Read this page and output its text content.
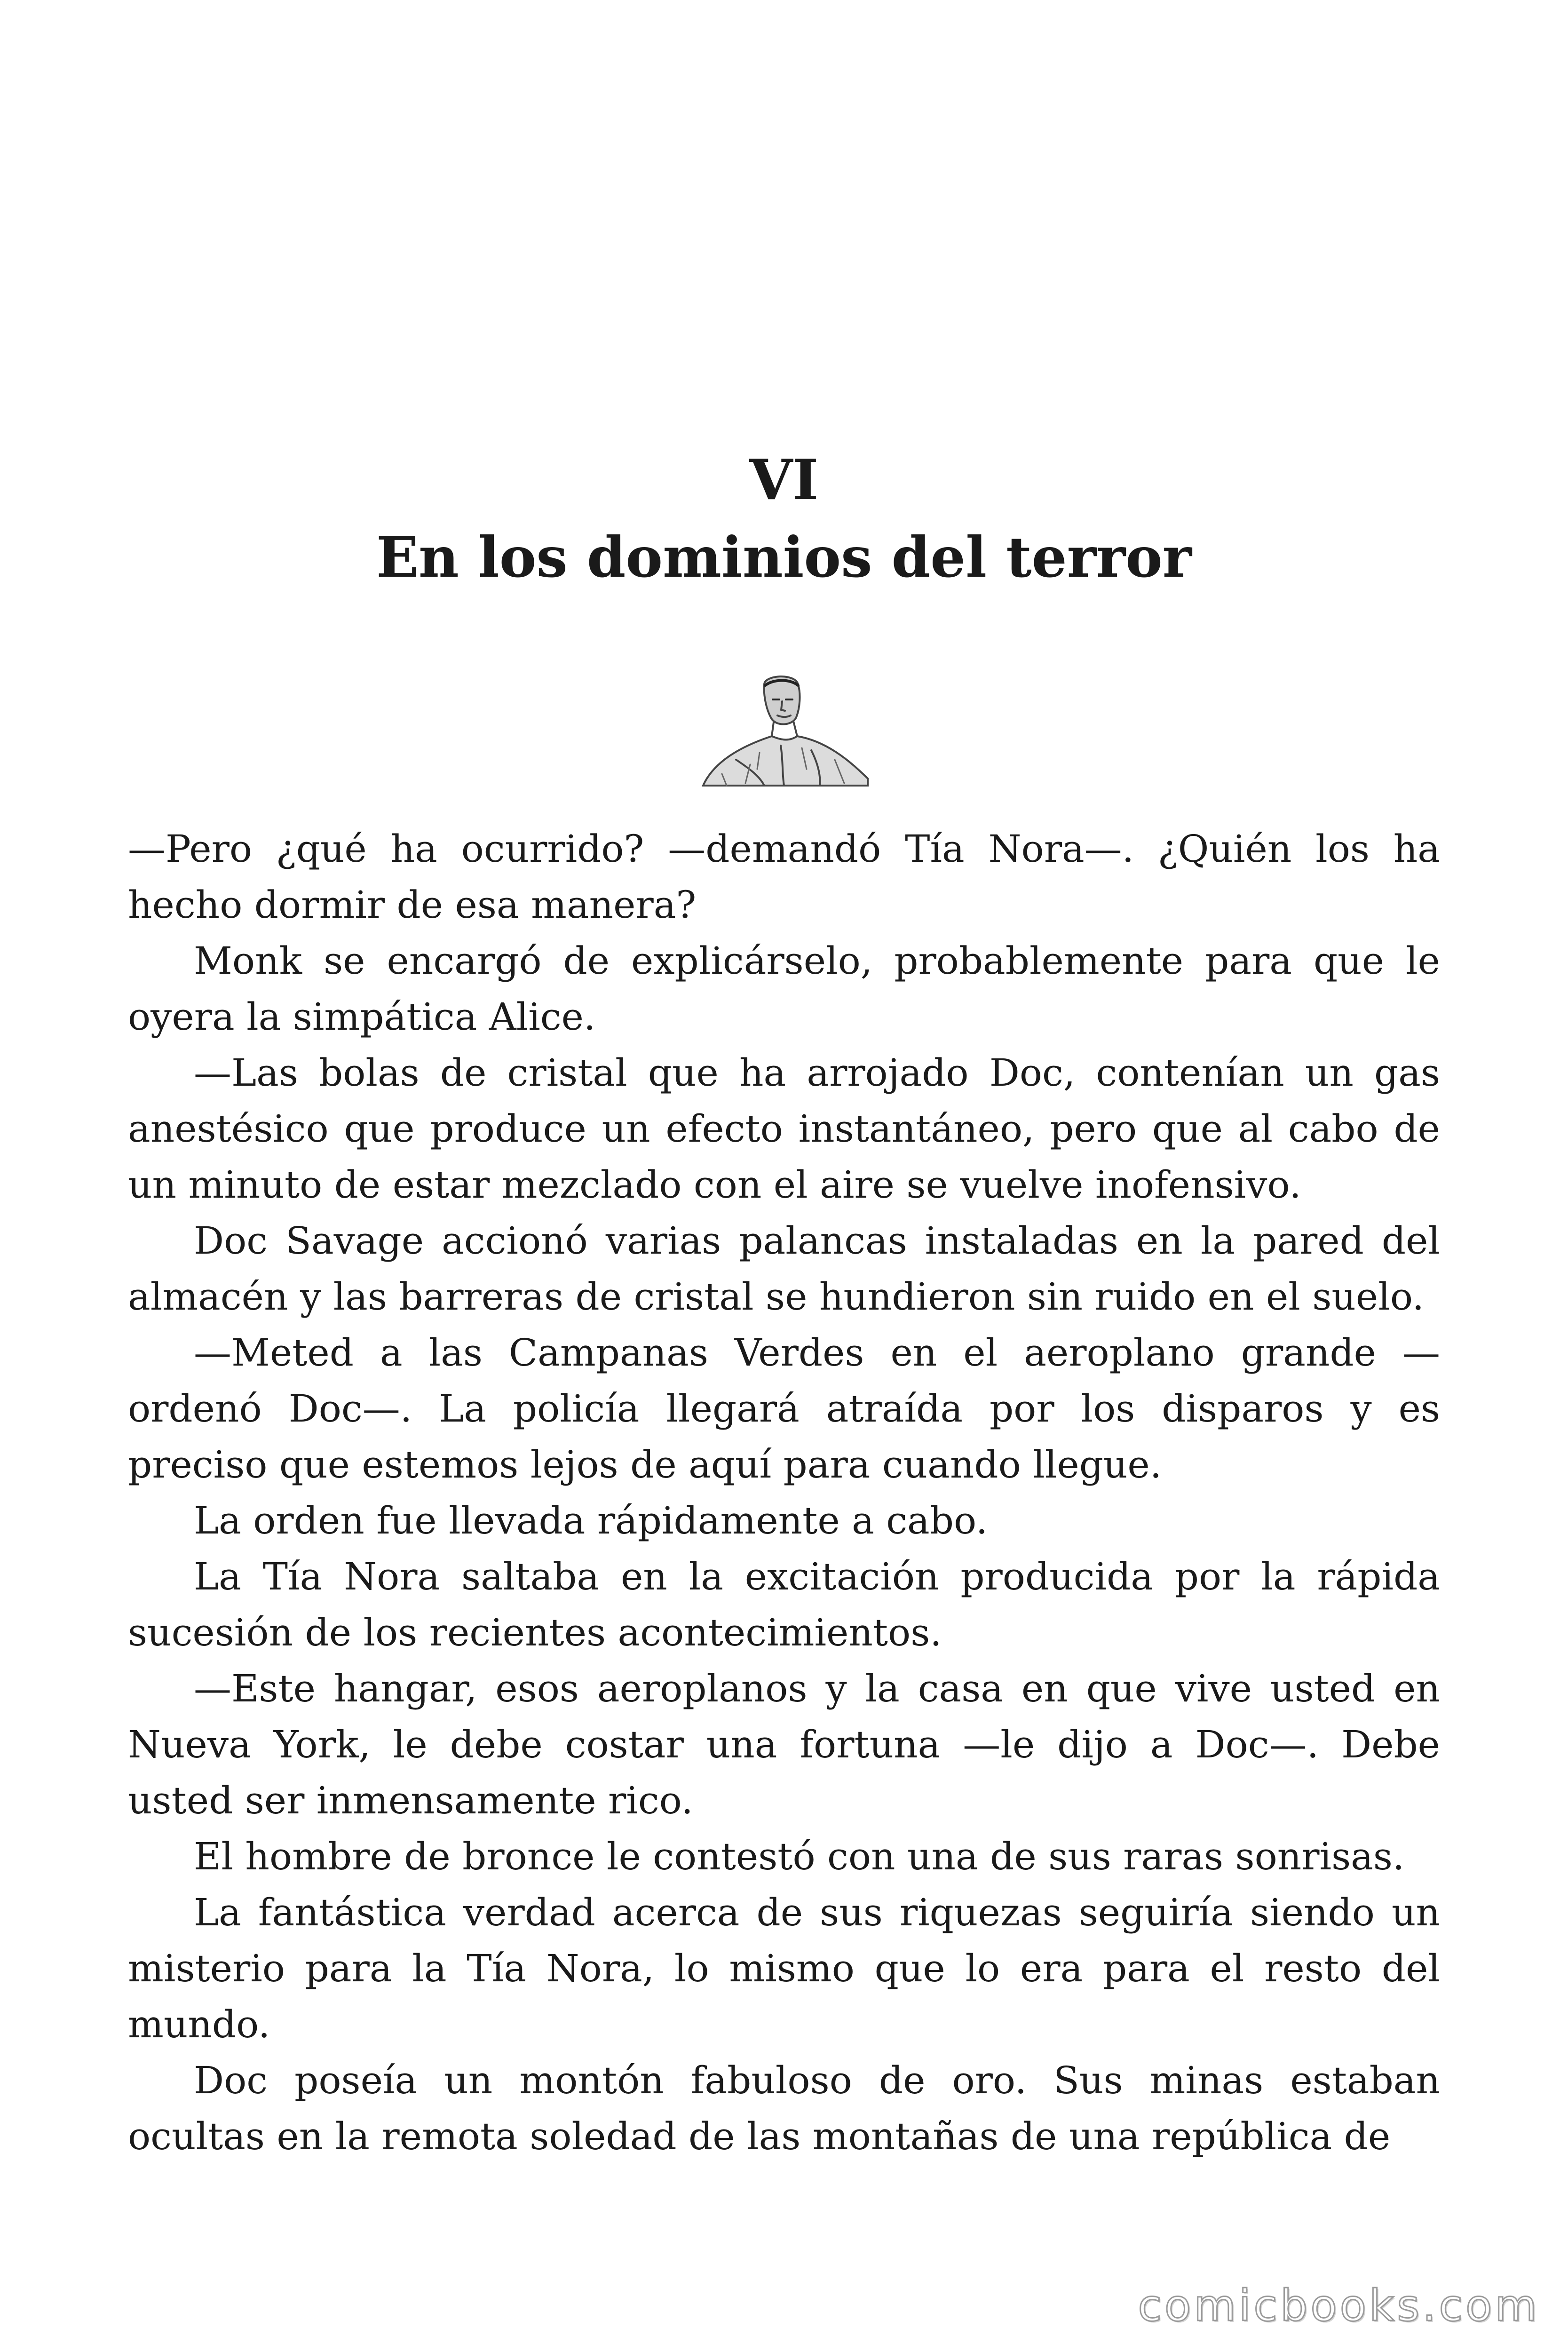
VI
En los dominios del terror

—Pero ¿qué ha ocurrido? —demandó Tía Nora—. ¿Quién los ha hecho dormir de esa manera?

Monk se encargó de explicárselo, probablemente para que le oyera la simpática Alice.

—Las bolas de cristal que ha arrojado Doc, contenían un gas anestésico que produce un efecto instantáneo, pero que al cabo de un minuto de estar mezclado con el aire se vuelve inofensivo.

Doc Savage accionó varias palancas instaladas en la pared del almacén y las barreras de cristal se hundieron sin ruido en el suelo.

—Meted a las Campanas Verdes en el aeroplano grande —ordenó Doc—. La policía llegará atraída por los disparos y es preciso que estemos lejos de aquí para cuando llegue.

La orden fue llevada rápidamente a cabo.

La Tía Nora saltaba en la excitación producida por la rápida sucesión de los recientes acontecimientos.

—Este hangar, esos aeroplanos y la casa en que vive usted en Nueva York, le debe costar una fortuna —le dijo a Doc—. Debe usted ser inmensamente rico.

El hombre de bronce le contestó con una de sus raras sonrisas.

La fantástica verdad acerca de sus riquezas seguiría siendo un misterio para la Tía Nora, lo mismo que lo era para el resto del mundo.

Doc poseía un montón fabuloso de oro. Sus minas estaban ocultas en la remota soledad de las montañas de una república de

comicbooks.com
